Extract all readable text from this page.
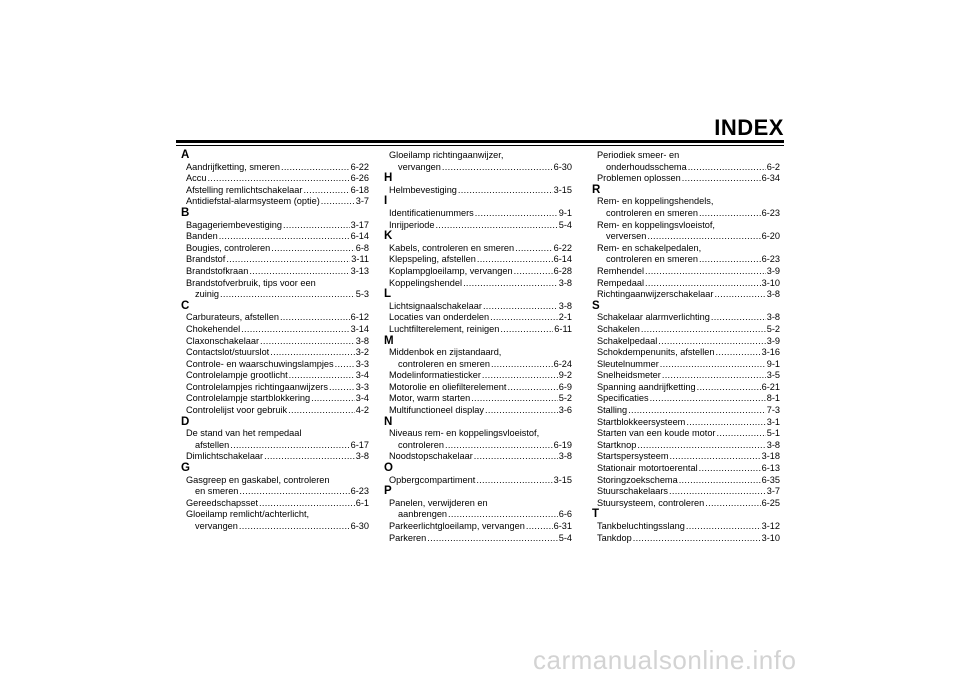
INDEX
A
Aandrijfketting, smeren .....	6-22
Accu .....	6-26
Afstelling remlichtschakelaar .....	6-18
Antidiefstal-alarmsysteem (optie) .....	3-7
B
Bagageriembevestiging .....	3-17
Banden .....	6-14
Bougies, controleren .....	6-8
Brandstof .....	3-11
Brandstofkraan .....	3-13
Brandstofverbruik, tips voor een
zuinig .....	5-3
C
Carburateurs, afstellen .....	6-12
Chokehendel .....	3-14
Claxonschakelaar .....	3-8
Contactslot/stuurslot .....	3-2
Controle- en waarschuwingslampjes ..... 3-3
Controlelampje grootlicht .....	3-4
Controlelampjes richtingaanwijzers .....	3-3
Controlelampje startblokkering .....	3-4
Controlelijst voor gebruik .....	4-2
D
De stand van het rempedaal
afstellen .....	6-17
Dimlichtschakelaar .....	3-8
G
Gasgreep en gaskabel, controleren
en smeren .....	6-23
Gereedschapsset .....	6-1
Gloeilamp remlicht/achterlicht,
vervangen .....	6-30
Gloeilamp richtingaanwijzer,
vervangen .....	6-30
H
Helmbevestiging .....	3-15
I
Identificatienummers .....	9-1
Inrijperiode .....	5-4
K
Kabels, controleren en smeren .....	6-22
Klepspeling, afstellen .....	6-14
Koplampgloeilamp, vervangen .....	6-28
Koppelingshendel .....	3-8
L
Lichtsignaalschakelaar .....	3-8
Locaties van onderdelen .....	2-1
Luchtfilterelement, reinigen .....	6-11
M
Middenbok en zijstandaard,
controleren en smeren .....	6-24
Modelinformatiesticker .....	9-2
Motorolie en oliefilterelement .....	6-9
Motor, warm starten .....	5-2
Multifunctioneel display .....	3-6
N
Niveaus rem- en koppelingsvloeistof,
controleren .....	6-19
Noodstopschakelaar .....	3-8
O
Opbergcompartiment .....	3-15
P
Panelen, verwijderen en
aanbrengen .....	6-6
Parkeerlichtgloeilamp, vervangen .....	6-31
Parkeren .....	5-4
Periodiek smeer- en
onderhoudsschema .....	6-2
Problemen oplossen .....	6-34
R
Rem- en koppelingshendels,
controleren en smeren .....	6-23
Rem- en koppelingsvloeistof,
verversen .....	6-20
Rem- en schakelpedalen,
controleren en smeren .....	6-23
Remhendel .....	3-9
Rempedaal .....	3-10
Richtingaanwijzerschakelaar .....	3-8
S
Schakelaar alarmverlichting .....	3-8
Schakelen .....	5-2
Schakelpedaal .....	3-9
Schokdempenunits, afstellen .....	3-16
Sleutelnummer .....	9-1
Snelheidsmeter .....	3-5
Spanning aandrijfketting .....	6-21
Specificaties .....	8-1
Stalling .....	7-3
Startblokkeersysteem .....	3-1
Starten van een koude motor .....	5-1
Startknop .....	3-8
Startspersysteem .....	3-18
Stationair motortoerental .....	6-13
Storingzoekschema .....	6-35
Stuurschakelaars .....	3-7
Stuursysteem, controleren .....	6-25
T
Tankbeluchtingsslang .....	3-12
Tankdop .....	3-10
carmanualsonline.info
